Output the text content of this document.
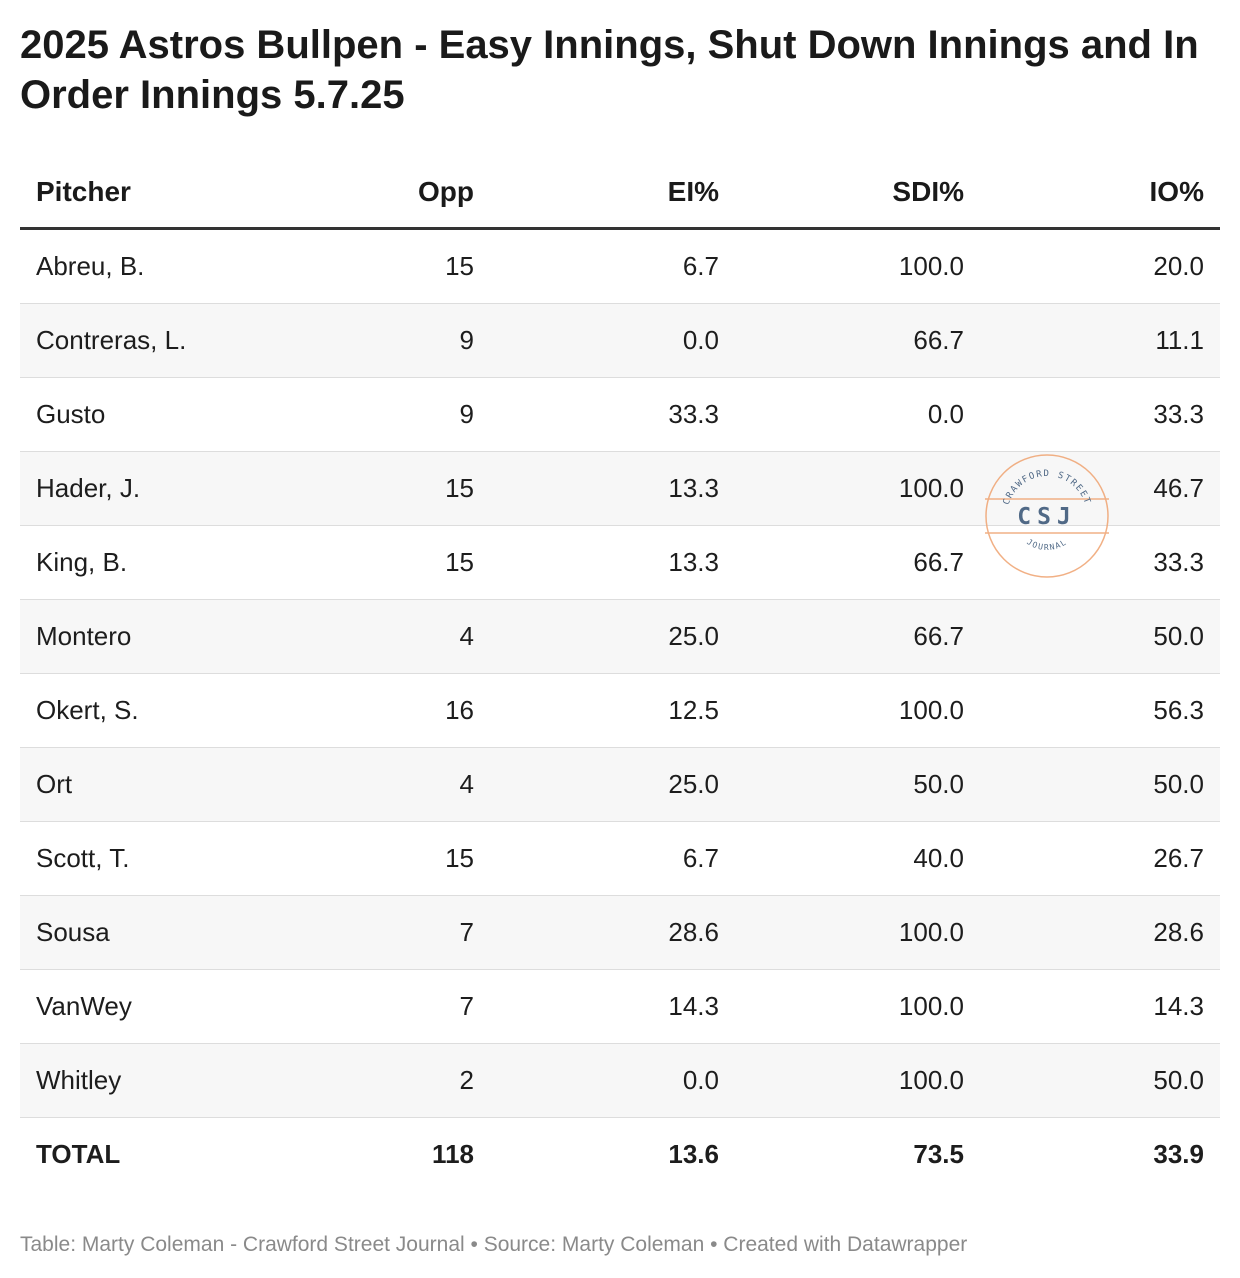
2025 Astros Bullpen - Easy Innings, Shut Down Innings and In Order Innings 5.7.25
Pitcher	Opp	EI%	SDI%	IO%
Abreu, B.	15	6.7	100.0	20.0
Contreras, L.	9	0.0	66.7	11.1
Gusto	9	33.3	0.0	33.3
Hader, J.	15	13.3	100.0	46.7
King, B.	15	13.3	66.7	33.3
Montero	4	25.0	66.7	50.0
Okert, S.	16	12.5	100.0	56.3
Ort	4	25.0	50.0	50.0
Scott, T.	15	6.7	40.0	26.7
Sousa	7	28.6	100.0	28.6
VanWey	7	14.3	100.0	14.3
Whitley	2	0.0	100.0	50.0
TOTAL	118	13.6	73.5	33.9
CRAWFORD STREET
CSJ
JOURNAL
Table: Marty Coleman - Crawford Street Journal • Source: Marty Coleman • Created with Datawrapper
